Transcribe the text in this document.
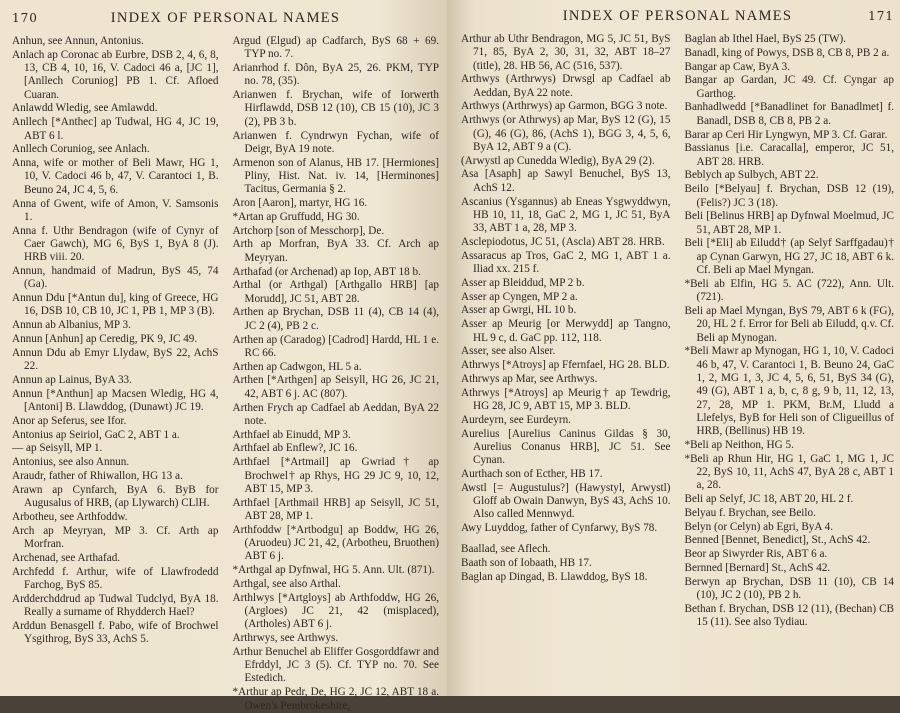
170	INDEX OF PERSONAL NAMES

Anhun, see Annun, Antonius.

Anlach ap Coronac ab Eurbre, DSB 2, 4, 6, 8, 13, CB 4, 10, 16, V. Cadoci 46 a, [JC 1], [Anllech Coruniog] PB 1. Cf. Afloed Cuaran.

Anlawdd Wledig, see Amlawdd.

Anllech [*Anthec] ap Tudwal, HG 4, JC 19, ABT 6 l.

Anllech Coruniog, see Anlach.

Anna, wife or mother of Beli Mawr, HG 1, 10, V. Cadoci 46 b, 47, V. Carantoci 1, B. Beuno 24, JC 4, 5, 6.

Anna of Gwent, wife of Amon, V. Samsonis 1.

Anna f. Uthr Bendragon (wife of Cynyr of Caer Gawch), MG 6, ByS 1, ByA 8 (J). HRB viii. 20.

Annun, handmaid of Madrun, ByS 45, 74 (Ga).

Annun Ddu [*Antun du], king of Greece, HG 16, DSB 10, CB 10, JC 1, PB 1, MP 3 (B).

Annun ab Albanius, MP 3.

Annun [Anhun] ap Ceredig, PK 9, JC 49.

Annun Ddu ab Emyr Llydaw, ByS 22, AchS 22.

Annun ap Lainus, ByA 33.

Annun [*Anthun] ap Macsen Wledig, HG 4, [Antoni] B. Llawddog, (Dunawt) JC 19.

Anor ap Seferus, see Ifor.

Antonius ap Seiriol, GaC 2, ABT 1 a.

— ap Seisyll, MP 1.

Antonius, see also Annun.

Araudr, father of Rhiwallon, HG 13 a.

Arawn ap Cynfarch, ByA 6. ByB for Augusalus of HRB, (ap Llywarch) CLlH.

Arbotheu, see Arthfoddw.

Arch ap Meyryan, MP 3. Cf. Arth ap Morfran.

Archenad, see Arthafad.

Archfedd f. Arthur, wife of Llawfrodedd Farchog, ByS 85.

Ardderchddrud ap Tudwal Tudclyd, ByA 18. Really a surname of Rhydderch Hael?

Arddun Benasgell f. Pabo, wife of Brochwel Ysgithrog, ByS 33, AchS 5.

Argud (Elgud) ap Cadfarch, ByS 68 + 69. TYP no. 7.

Arianrhod f. Dôn, ByA 25, 26. PKM, TYP no. 78, (35).

Arianwen f. Brychan, wife of Iorwerth Hirflawdd, DSB 12 (10), CB 15 (10), JC 3 (2), PB 3 b.

Arianwen f. Cyndrwyn Fychan, wife of Deigr, ByA 19 note.

Armenon son of Alanus, HB 17. [Hermiones] Pliny, Hist. Nat. iv. 14, [Herminones] Tacitus, Germania § 2.

Aron [Aaron], martyr, HG 16.

*Artan ap Gruffudd, HG 30.

Artchorp [son of Messchorp], De.

Arth ap Morfran, ByA 33. Cf. Arch ap Meyryan.

Arthafad (or Archenad) ap Iop, ABT 18 b.

Arthal (or Arthgal) [Arthgallo HRB] [ap Morudd], JC 51, ABT 28.

Arthen ap Brychan, DSB 11 (4), CB 14 (4), JC 2 (4), PB 2 c.

Arthen ap (Caradog) [Cadrod] Hardd, HL 1 e. RC 66.

Arthen ap Cadwgon, HL 5 a.

Arthen [*Arthgen] ap Seisyll, HG 26, JC 21, 42, ABT 6 j. AC (807).

Arthen Frych ap Cadfael ab Aeddan, ByA 22 note.

Arthfael ab Einudd, MP 3.

Arthfael ab Enflew?, JC 16.

Arthfael [*Artmail] ap Gwriad† ap Brochwel† ap Rhys, HG 29 JC 9, 10, 12, ABT 15, MP 3.

Arthfael [Arthmail HRB] ap Seisyll, JC 51, ABT 28, MP 1.

Arthfoddw [*Artbodgu] ap Boddw, HG 26, (Aruodeu) JC 21, 42, (Arbotheu, Bruothen) ABT 6 j.

*Arthgal ap Dyfnwal, HG 5. Ann. Ult. (871).

Arthgal, see also Arthal.

Arthlwys [*Artgloys] ab Arthfoddw, HG 26, (Argloes) JC 21, 42 (misplaced), (Artholes) ABT 6 j.

Arthrwys, see Arthwys.

Arthur Benuchel ab Eliffer Gosgorddfawr and Efrddyl, JC 3 (5). Cf. TYP no. 70. See Estedich.

*Arthur ap Pedr, De, HG 2, JC 12, ABT 18 a. Owen's Pembrokeshire,

INDEX OF PERSONAL NAMES	171

Arthur ab Uthr Bendragon, MG 5, JC 51, ByS 71, 85, ByA 2, 30, 31, 32, ABT 18–27 (title), 28. HB 56, AC (516, 537).

Arthwys (Arthrwys) Drwsgl ap Cadfael ab Aeddan, ByA 22 note.

Arthwys (Arthrwys) ap Garmon, BGG 3 note.

Arthwys (or Athrwys) ap Mar, ByS 12 (G), 15 (G), 46 (G), 86, (AchS 1), BGG 3, 4, 5, 6, ByA 12, ABT 9 a (C).

(Arwystl ap Cunedda Wledig), ByA 29 (2).

Asa [Asaph] ap Sawyl Benuchel, ByS 13, AchS 12.

Ascanius (Ysgannus) ab Eneas Ysgwyddwyn, HB 10, 11, 18, GaC 2, MG 1, JC 51, ByA 33, ABT 1 a, 28, MP 3.

Asclepiodotus, JC 51, (Ascla) ABT 28. HRB.

Assaracus ap Tros, GaC 2, MG 1, ABT 1 a. Iliad xx. 215 f.

Asser ap Bleiddud, MP 2 b.

Asser ap Cyngen, MP 2 a.

Asser ap Gwrgi, HL 10 b.

Asser ap Meurig [or Merwydd] ap Tangno, HL 9 c, d. GaC pp. 112, 118.

Asser, see also Alser.

Athrwys [*Atroys] ap Ffernfael, HG 28. BLD.

Athrwys ap Mar, see Arthwys.

Athrwys [*Atroys] ap Meurig† ap Tewdrig, HG 28, JC 9, ABT 15, MP 3. BLD.

Aurdeyrn, see Eurdeyrn.

Aurelius [Aurelius Caninus Gildas § 30, Aurelius Conanus HRB], JC 51. See Cynan.

Aurthach son of Ecther, HB 17.

Awstl [= Augustulus?] (Hawystyl, Arwystl) Gloff ab Owain Danwyn, ByS 43, AchS 10. Also called Mennwyd.

Awy Luyddog, father of Cynfarwy, ByS 78.

Baallad, see Aflech.

Baath son of Iobaath, HB 17.

Baglan ap Dingad, B. Llawddog, ByS 18.

Baglan ab Ithel Hael, ByS 25 (TW).

Banadl, king of Powys, DSB 8, CB 8, PB 2 a.

Bangar ap Caw, ByA 3.

Bangar ap Gardan, JC 49. Cf. Cyngar ap Garthog.

Banhadlwedd [*Banadlinet for Banadlmet] f. Banadl, DSB 8, CB 8, PB 2 a.

Barar ap Ceri Hir Lyngwyn, MP 3. Cf. Garar.

Bassianus [i.e. Caracalla], emperor, JC 51, ABT 28. HRB.

Beblych ap Sulbych, ABT 22.

Beilo [*Belyau] f. Brychan, DSB 12 (19), (Felis?) JC 3 (18).

Beli [Belinus HRB] ap Dyfnwal Moelmud, JC 51, ABT 28, MP 1.

Beli [*Eli] ab Eiludd† (ap Selyf Sarffgadau)† ap Cynan Garwyn, HG 27, JC 18, ABT 6 k. Cf. Beli ap Mael Myngan.

*Beli ab Elfin, HG 5. AC (722), Ann. Ult. (721).

Beli ap Mael Myngan, ByS 79, ABT 6 k (FG), 20, HL 2 f. Error for Beli ab Eiludd, q.v. Cf. Beli ap Mynogan.

*Beli Mawr ap Mynogan, HG 1, 10, V. Cadoci 46 b, 47, V. Carantoci 1, B. Beuno 24, GaC 1, 2, MG 1, 3, JC 4, 5, 6, 51, ByS 34 (G), 49 (G), ABT 1 a, b, c, 8 g, 9 b, 11, 12, 13, 27, 28, MP 1. PKM, Br.M, Lludd a Llefelys, ByB for Heli son of Cligueillus of HRB, (Bellinus) HB 19.

*Beli ap Neithon, HG 5.

*Beli ap Rhun Hir, HG 1, GaC 1, MG 1, JC 22, ByS 10, 11, AchS 47, ByA 28 c, ABT 1 a, 28.

Beli ap Selyf, JC 18, ABT 20, HL 2 f.

Belyau f. Brychan, see Beilo.

Belyn (or Celyn) ab Egri, ByA 4.

Benned [Bennet, Benedict], St., AchS 42.

Beor ap Siwyrder Ris, ABT 6 a.

Bernned [Bernard] St., AchS 42.

Berwyn ap Brychan, DSB 11 (10), CB 14 (10), JC 2 (10), PB 2 h.

Bethan f. Brychan, DSB 12 (11), (Bechan) CB 15 (11). See also Tydiau.
